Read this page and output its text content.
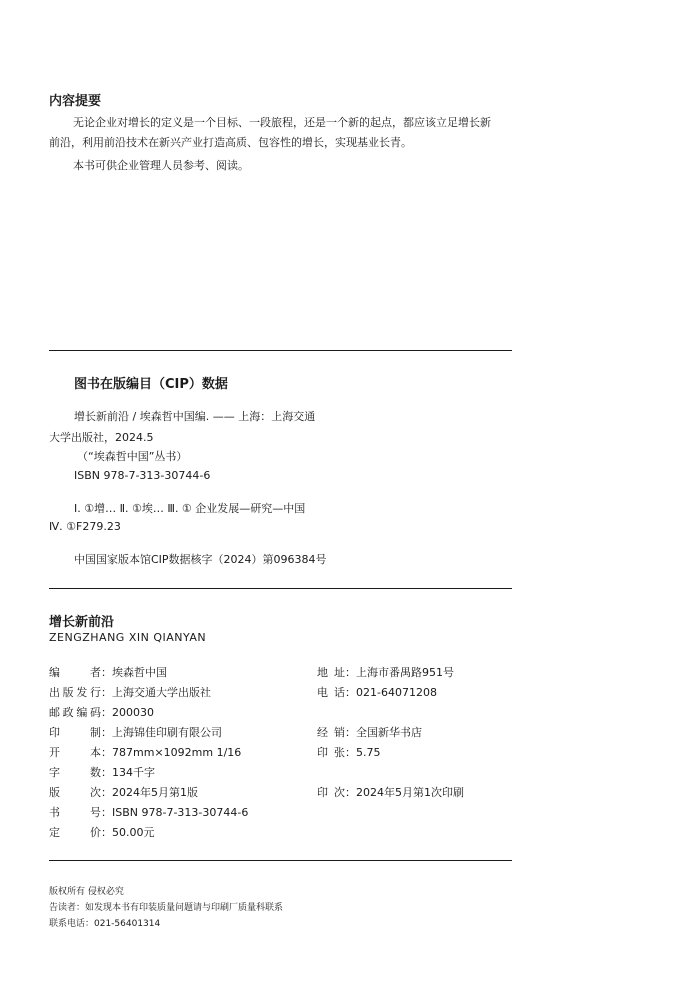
内容提要
无论企业对增长的定义是一个目标、一段旅程，还是一个新的起点，都应该立足增长新前沿，利用前沿技术在新兴产业打造高质、包容性的增长，实现基业长青。
本书可供企业管理人员参考、阅读。
图书在版编目（CIP）数据
增长新前沿 / 埃森哲中国编. —— 上海：上海交通
大学出版社，2024.5
（“埃森哲中国”丛书）
ISBN 978-7-313-30744-6
Ⅰ. ①增… Ⅱ. ①埃… Ⅲ. ① 企业发展—研究—中国
Ⅳ. ①F279.23
中国国家版本馆CIP数据核字（2024）第096384号
增长新前沿
ZENGZHANG XIN QIANYAN
编者：埃森哲中国
出版发行：上海交通大学出版社
邮政编码：200030
印制：上海锦佳印刷有限公司
开本：787mm×1092mm 1/16
字数：134千字
版次：2024年5月第1版
书号：ISBN 978-7-313-30744-6
定价：50.00元
地址：上海市番禺路951号
电话：021-64071208
经销：全国新华书店
印张：5.75
印次：2024年5月第1次印刷
版权所有 侵权必究
告读者：如发现本书有印装质量问题请与印刷厂质量科联系
联系电话：021-56401314
